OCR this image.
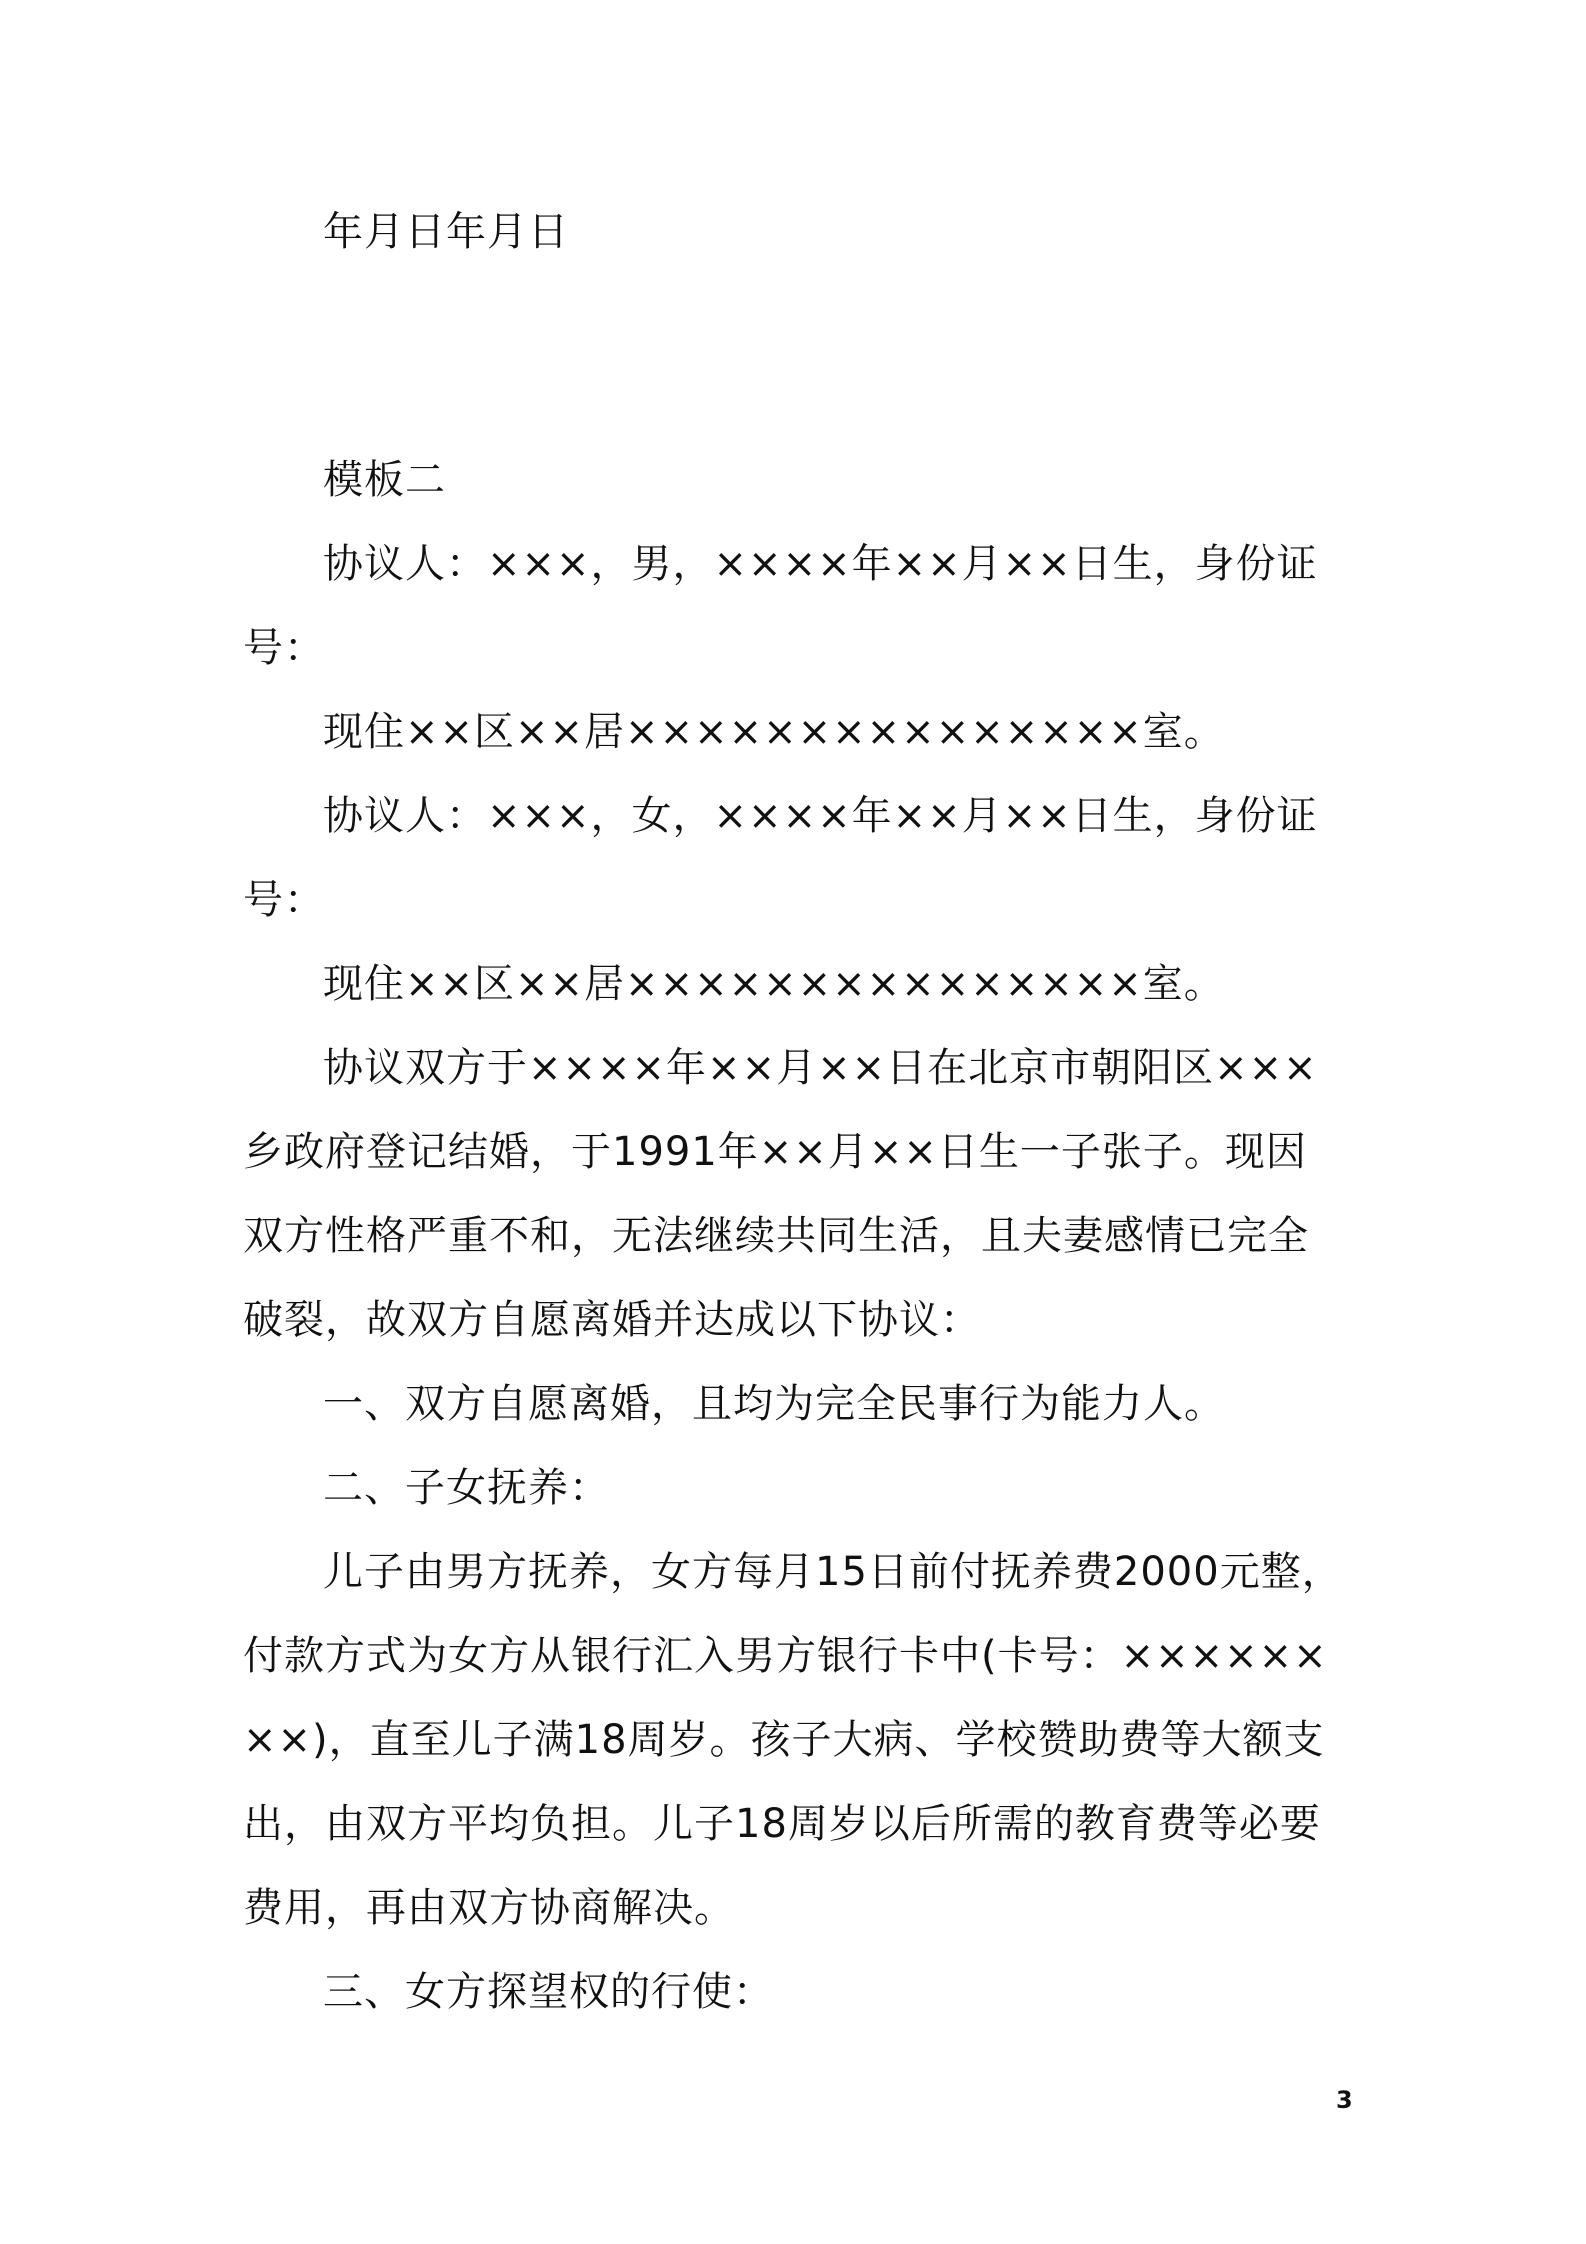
年月日年月日

模板二

协议人：×××，男，××××年××月××日生，身份证号：

现住××区××居×××××××××××××××室。

协议人：×××，女，××××年××月××日生，身份证号：

现住××区××居×××××××××××××××室。

协议双方于××××年××月××日在北京市朝阳区×××乡政府登记结婚，于1991年××月××日生一子张子。现因双方性格严重不和，无法继续共同生活，且夫妻感情已完全破裂，故双方自愿离婚并达成以下协议：

一、双方自愿离婚，且均为完全民事行为能力人。

二、子女抚养：

儿子由男方抚养，女方每月15日前付抚养费2000元整，付款方式为女方从银行汇入男方银行卡中(卡号：××××××××)，直至儿子满18周岁。孩子大病、学校赞助费等大额支出，由双方平均负担。儿子18周岁以后所需的教育费等必要费用，再由双方协商解决。

三、女方探望权的行使：

3
